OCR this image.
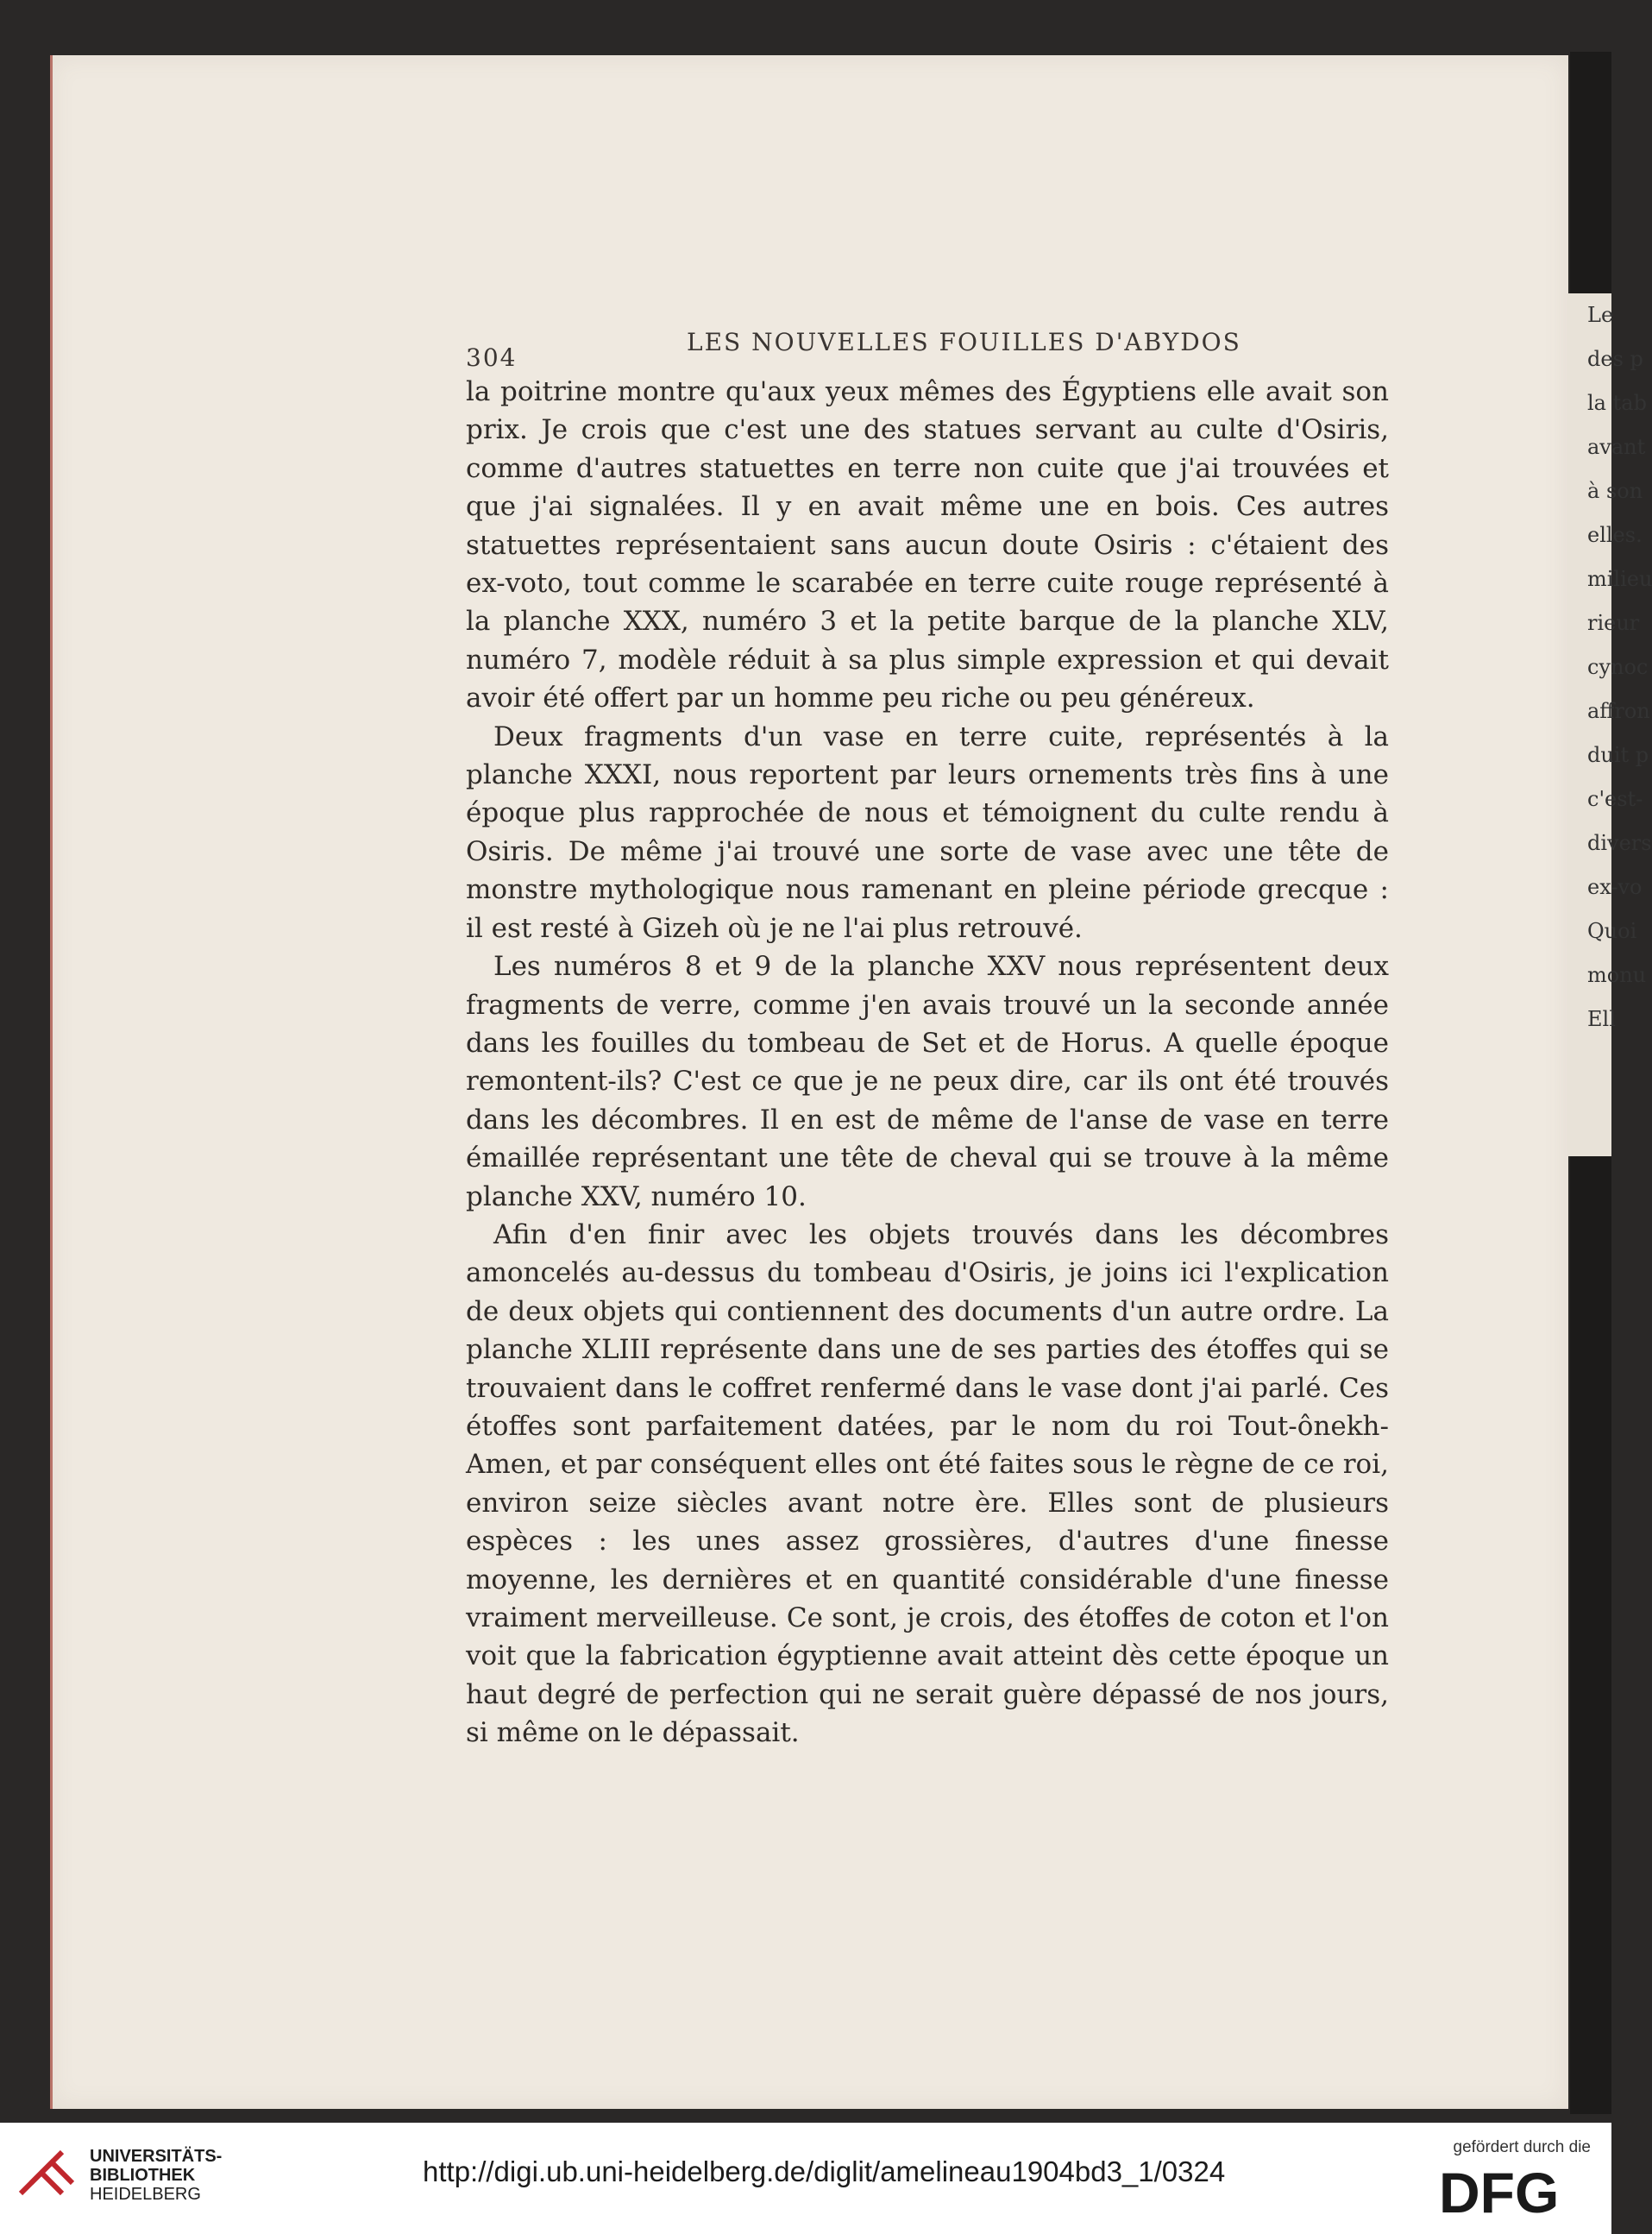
Le
des p
la tab
avant
à son
elles.
milieu
rieur
cynoc
affron
duit p
c'est-
divers
ex-vo
Quoi
monu
Ell
304
LES NOUVELLES FOUILLES D'ABYDOS

la poitrine montre qu'aux yeux mêmes des Égyptiens elle avait son prix. Je crois que c'est une des statues servant au culte d'Osiris, comme d'autres statuettes en terre non cuite que j'ai trouvées et que j'ai signalées. Il y en avait même une en bois. Ces autres statuettes représentaient sans aucun doute Osiris : c'étaient des ex-voto, tout comme le scarabée en terre cuite rouge représenté à la planche XXX, numéro 3 et la petite barque de la planche XLV, numéro 7, modèle réduit à sa plus simple expression et qui devait avoir été offert par un homme peu riche ou peu généreux.

Deux fragments d'un vase en terre cuite, représentés à la planche XXXI, nous reportent par leurs ornements très fins à une époque plus rapprochée de nous et témoignent du culte rendu à Osiris. De même j'ai trouvé une sorte de vase avec une tête de monstre mythologique nous ramenant en pleine période grecque : il est resté à Gizeh où je ne l'ai plus retrouvé.

Les numéros 8 et 9 de la planche XXV nous représentent deux fragments de verre, comme j'en avais trouvé un la seconde année dans les fouilles du tombeau de Set et de Horus. A quelle époque remontent-ils? C'est ce que je ne peux dire, car ils ont été trouvés dans les décombres. Il en est de même de l'anse de vase en terre émaillée représentant une tête de cheval qui se trouve à la même planche XXV, numéro 10.

Afin d'en finir avec les objets trouvés dans les décombres amoncelés au-dessus du tombeau d'Osiris, je joins ici l'explication de deux objets qui contiennent des documents d'un autre ordre. La planche XLIII représente dans une de ses parties des étoffes qui se trouvaient dans le coffret renfermé dans le vase dont j'ai parlé. Ces étoffes sont parfaitement datées, par le nom du roi Tout-ônekh-Amen, et par conséquent elles ont été faites sous le règne de ce roi, environ seize siècles avant notre ère. Elles sont de plusieurs espèces : les unes assez grossières, d'autres d'une finesse moyenne, les dernières et en quantité considérable d'une finesse vraiment merveilleuse. Ce sont, je crois, des étoffes de coton et l'on voit que la fabrication égyptienne avait atteint dès cette époque un haut degré de perfection qui ne serait guère dépassé de nos jours, si même on le dépassait.

UNIVERSITÄTS-
BIBLIOTHEK
HEIDELBERG
http://digi.ub.uni-heidelberg.de/diglit/amelineau1904bd3_1/0324
gefördert durch die
DFG
